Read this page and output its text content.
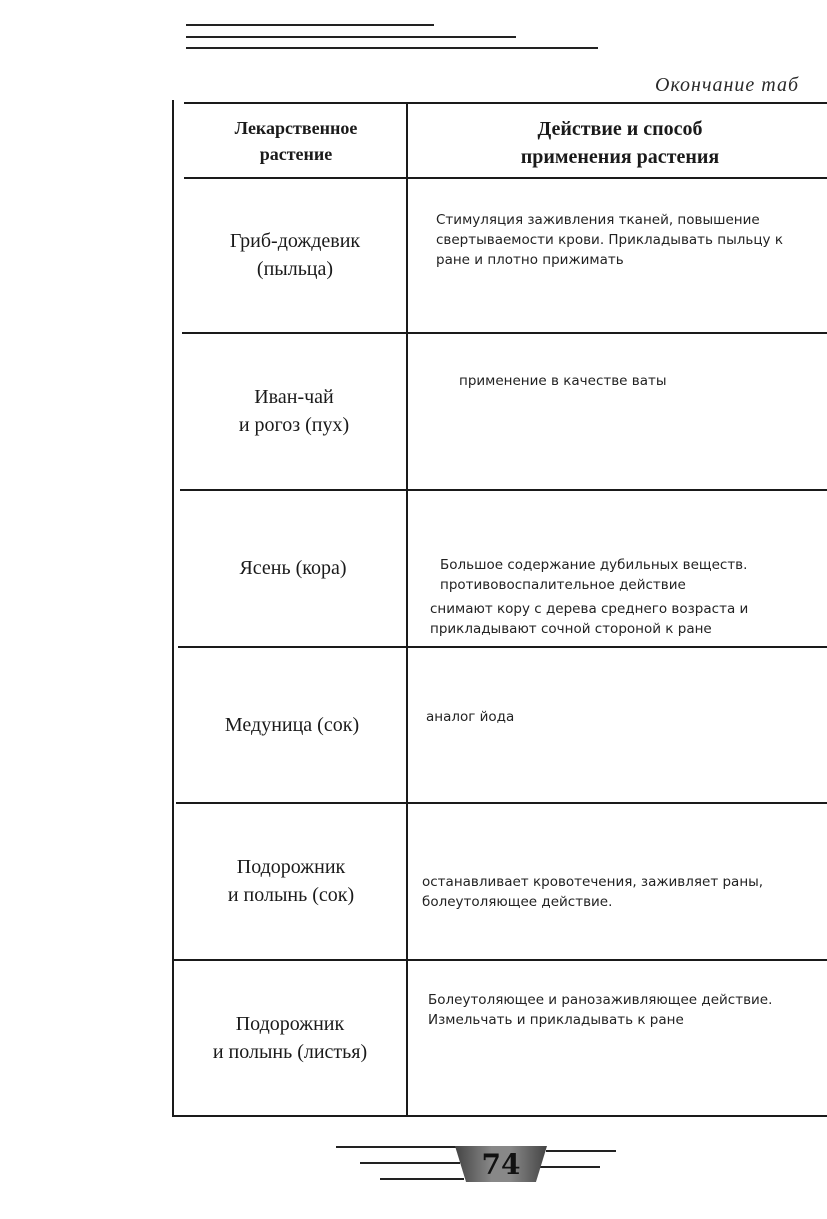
Окончание таб
Лекарственное
растение
Действие и способ
применения растения
Гриб-дождевик
(пыльца)
Стимуляция заживления тканей, повышение
свертываемости крови. Прикладывать пыльцу к
ране и плотно прижимать
Иван-чай
и рогоз (пух)
применение в качестве ваты
Ясень (кора)	Большое содержание дубильных веществ.
противовоспалительное действие
снимают кору с дерева среднего возраста и
прикладывают сочной стороной к ране
Медуница (сок)	аналог йода
Подорожник
и полынь (сок)
останавливает кровотечения, заживляет раны,
болеутоляющее действие.
Подорожник
и полынь (листья)
Болеутоляющее и ранозаживляющее действие.
Измельчать и прикладывать к ране
74
